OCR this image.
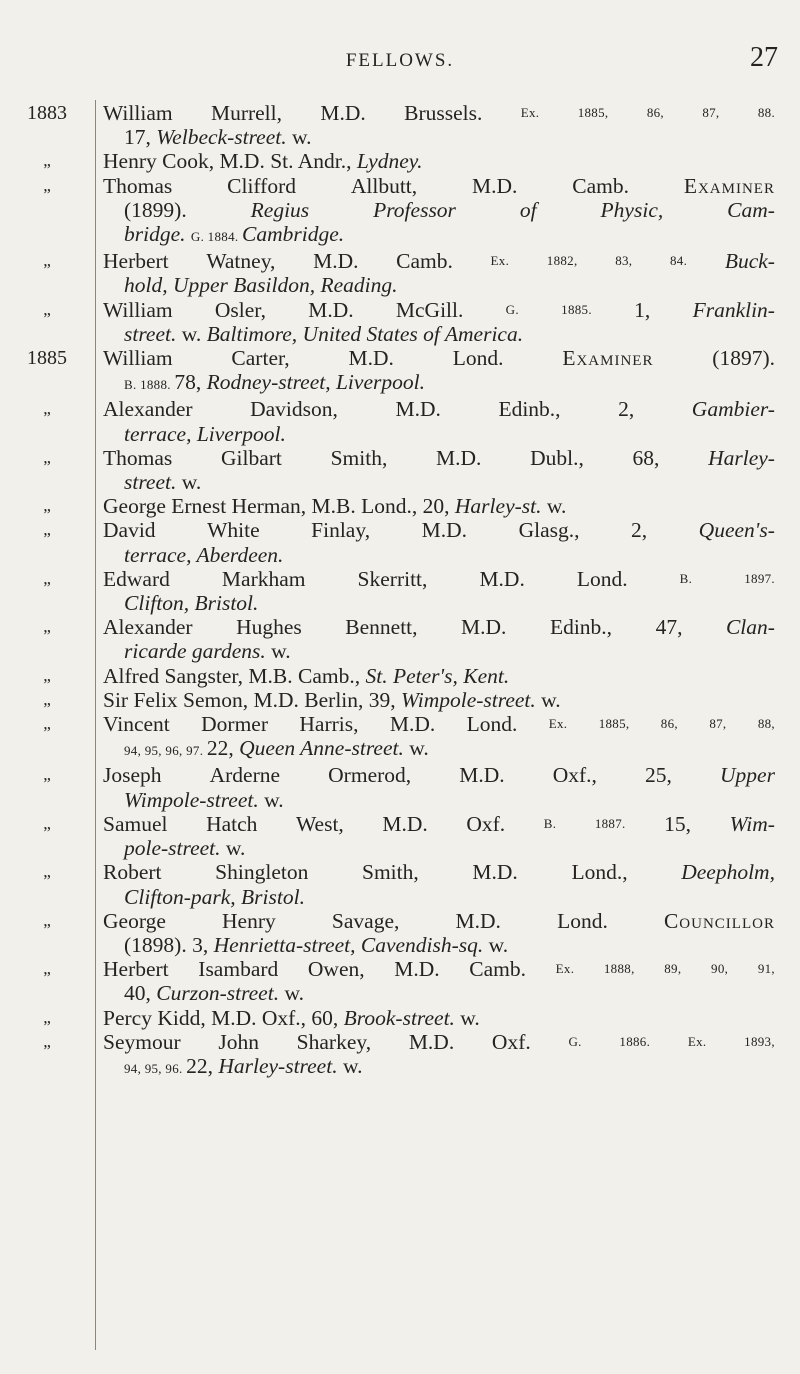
FELLOWS.	27
1883	William Murrell, M.D. Brussels.	Ex.	1885,	86,	87,	88.
17, Welbeck-street. w.
„	Henry Cook, M.D. St. Andr., Lydney.
„	Thomas	Clifford	Allbutt,	M.D.	Camb.	Examiner
(1899).	Regius	Professor	of	Physic,	Cam-
bridge. G. 1884. Cambridge.
„	Herbert Watney, M.D. Camb.	Ex.	1882,	83,	84. Buck-
hold, Upper Basildon, Reading.
„	William Osler, M.D. McGill.	G.	1885. 1, Franklin-
street. w. Baltimore, United States of America.
1885	William	Carter,	M.D.	Lond.	Examiner	(1897).
B. 1888. 78, Rodney-street, Liverpool.
„	Alexander	Davidson,	M.D.	Edinb.,	2,	Gambier-
terrace, Liverpool.
„	Thomas Gilbart Smith, M.D. Dubl., 68, Harley-
street. w.
„	George Ernest Herman, M.B. Lond., 20, Harley-st. w.
„	David White Finlay, M.D. Glasg., 2, Queen's-
terrace, Aberdeen.
„	Edward Markham Skerritt, M.D. Lond.	B.	1897.
Clifton, Bristol.
„	Alexander Hughes Bennett, M.D. Edinb., 47, Clan-
ricarde gardens. w.
„	Alfred Sangster, M.B. Camb., St. Peter's, Kent.
„	Sir Felix Semon, M.D. Berlin, 39, Wimpole-street. w.
„	Vincent Dormer Harris, M.D. Lond. Ex. 1885, 86, 87, 88,
94, 95, 96, 97. 22, Queen Anne-street. w.
„	Joseph Arderne Ormerod, M.D. Oxf., 25, Upper
Wimpole-street. w.
„	Samuel Hatch West, M.D. Oxf.	B.	1887. 15, Wim-
pole-street. w.
„	Robert Shingleton Smith, M.D. Lond., Deepholm,
Clifton-park, Bristol.
„	George	Henry	Savage,	M.D.	Lond.	Councillor
(1898). 3, Henrietta-street, Cavendish-sq. w.
„	Herbert Isambard Owen, M.D. Camb. Ex. 1888, 89, 90, 91,
40, Curzon-street. w.
„	Percy Kidd, M.D. Oxf., 60, Brook-street. w.
„	Seymour John Sharkey, M.D. Oxf.	G.	1886.	Ex.	1893,
94, 95, 96. 22, Harley-street. w.
